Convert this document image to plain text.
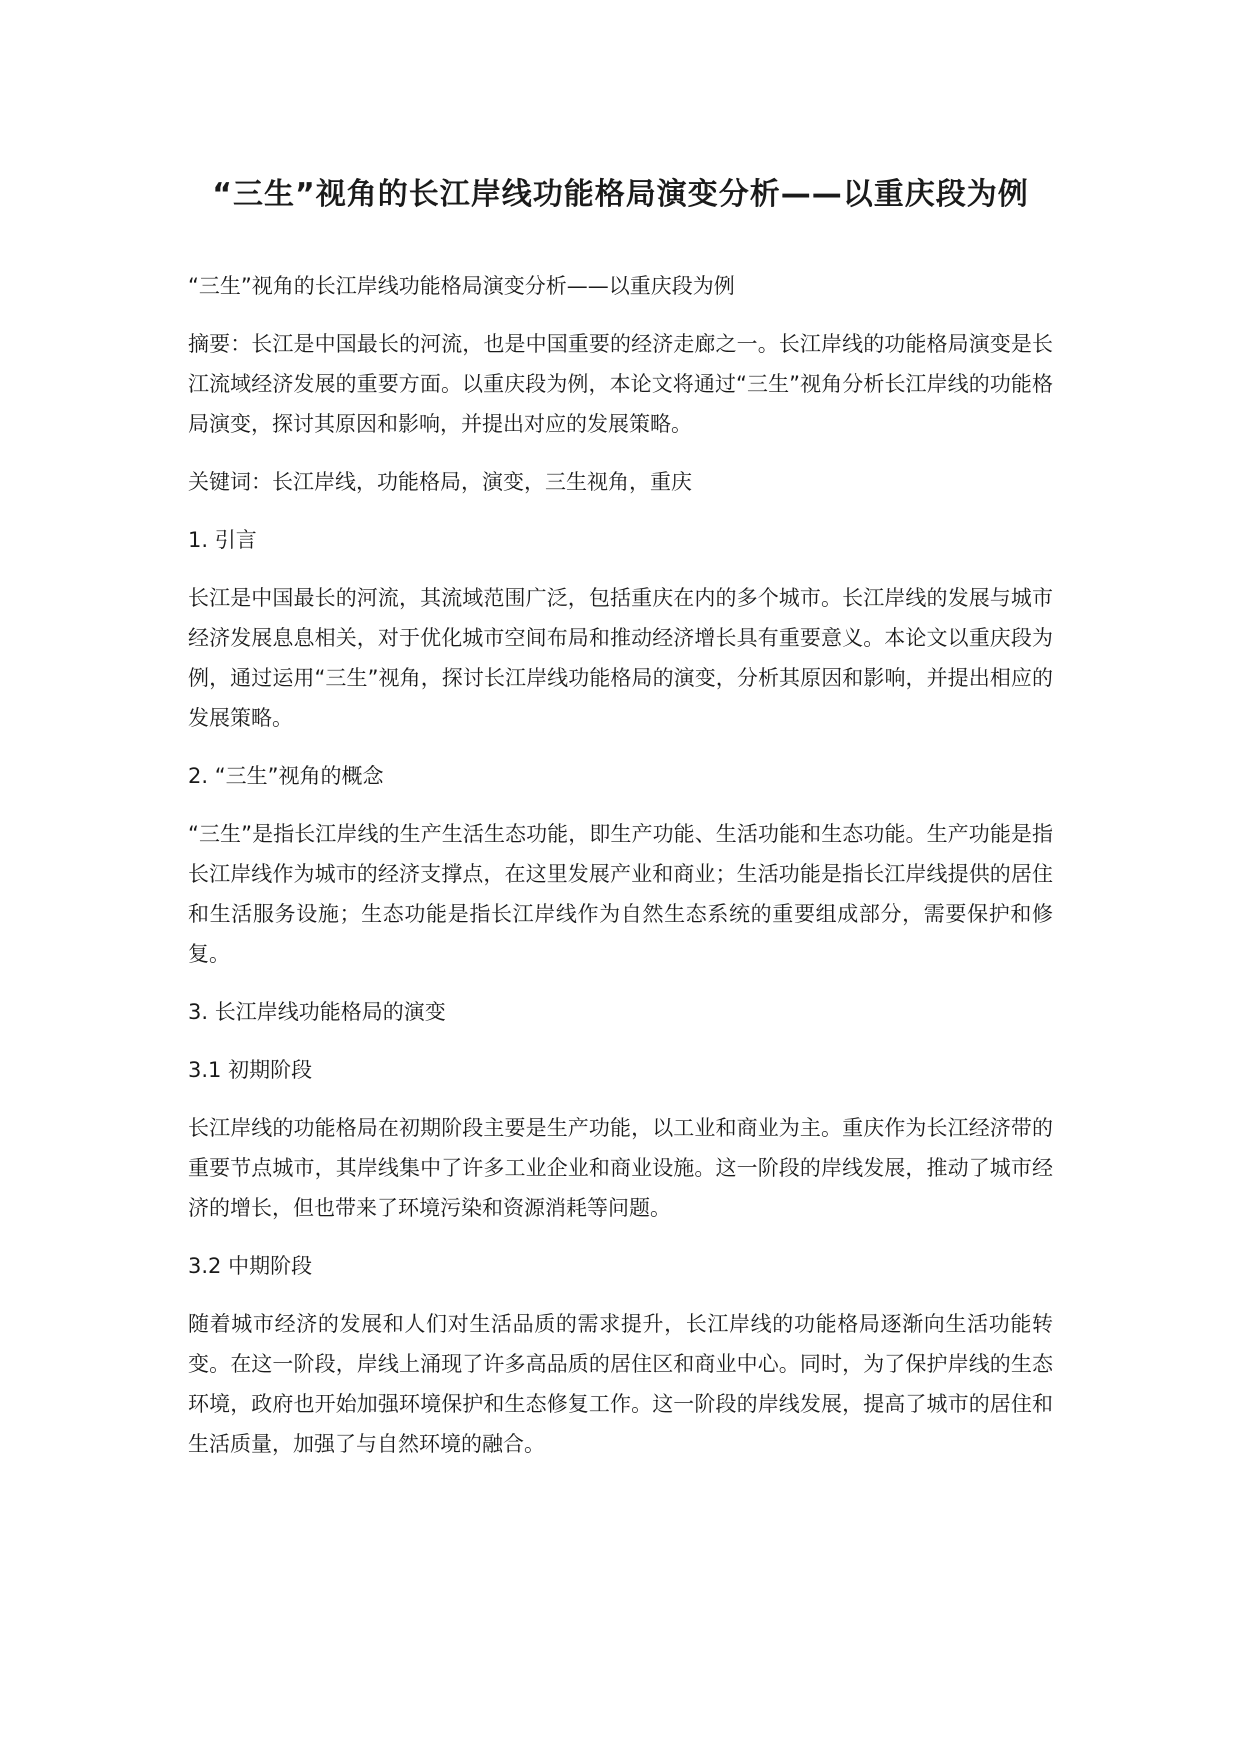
“三生”视角的长江岸线功能格局演变分析——以重庆段为例

“三生”视角的长江岸线功能格局演变分析——以重庆段为例

摘要：长江是中国最长的河流，也是中国重要的经济走廊之一。长江岸线的功能格局演变是长江流域经济发展的重要方面。以重庆段为例，本论文将通过“三生”视角分析长江岸线的功能格局演变，探讨其原因和影响，并提出对应的发展策略。

关键词：长江岸线，功能格局，演变，三生视角，重庆

1. 引言

长江是中国最长的河流，其流域范围广泛，包括重庆在内的多个城市。长江岸线的发展与城市经济发展息息相关，对于优化城市空间布局和推动经济增长具有重要意义。本论文以重庆段为例，通过运用“三生”视角，探讨长江岸线功能格局的演变，分析其原因和影响，并提出相应的发展策略。

2. “三生”视角的概念

“三生”是指长江岸线的生产生活生态功能，即生产功能、生活功能和生态功能。生产功能是指长江岸线作为城市的经济支撑点，在这里发展产业和商业；生活功能是指长江岸线提供的居住和生活服务设施；生态功能是指长江岸线作为自然生态系统的重要组成部分，需要保护和修复。

3. 长江岸线功能格局的演变

3.1 初期阶段

长江岸线的功能格局在初期阶段主要是生产功能，以工业和商业为主。重庆作为长江经济带的重要节点城市，其岸线集中了许多工业企业和商业设施。这一阶段的岸线发展，推动了城市经济的增长，但也带来了环境污染和资源消耗等问题。

3.2 中期阶段

随着城市经济的发展和人们对生活品质的需求提升，长江岸线的功能格局逐渐向生活功能转变。在这一阶段，岸线上涌现了许多高品质的居住区和商业中心。同时，为了保护岸线的生态环境，政府也开始加强环境保护和生态修复工作。这一阶段的岸线发展，提高了城市的居住和生活质量，加强了与自然环境的融合。
